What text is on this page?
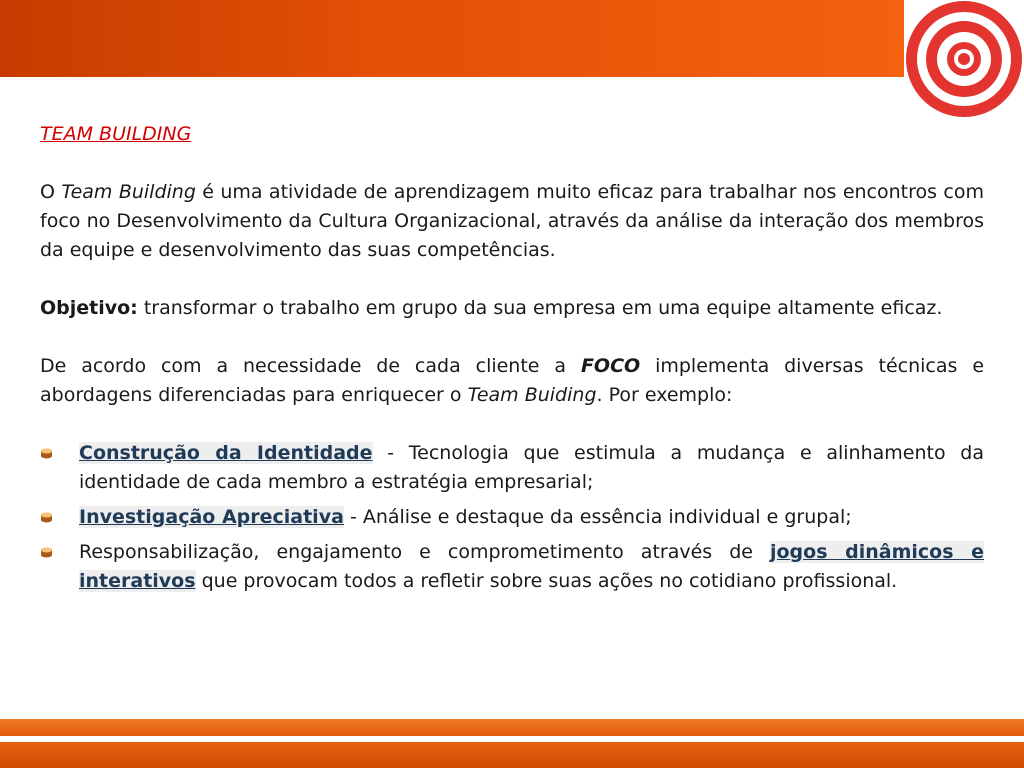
TEAM BUILDING

O Team Building é uma atividade de aprendizagem muito eficaz para trabalhar nos encontros com foco no Desenvolvimento da Cultura Organizacional, através da análise da interação dos membros da equipe e desenvolvimento das suas competências.

Objetivo: transformar o trabalho em grupo da sua empresa em uma equipe altamente eficaz.

De acordo com a necessidade de cada cliente a FOCO implementa diversas técnicas e abordagens diferenciadas para enriquecer o Team Buiding. Por exemplo:

Construção da Identidade - Tecnologia que estimula a mudança e alinhamento da identidade de cada membro a estratégia empresarial;
Investigação Apreciativa - Análise e destaque da essência individual e grupal;
Responsabilização, engajamento e comprometimento através de jogos dinâmicos e interativos que provocam todos a refletir sobre suas ações no cotidiano profissional.
